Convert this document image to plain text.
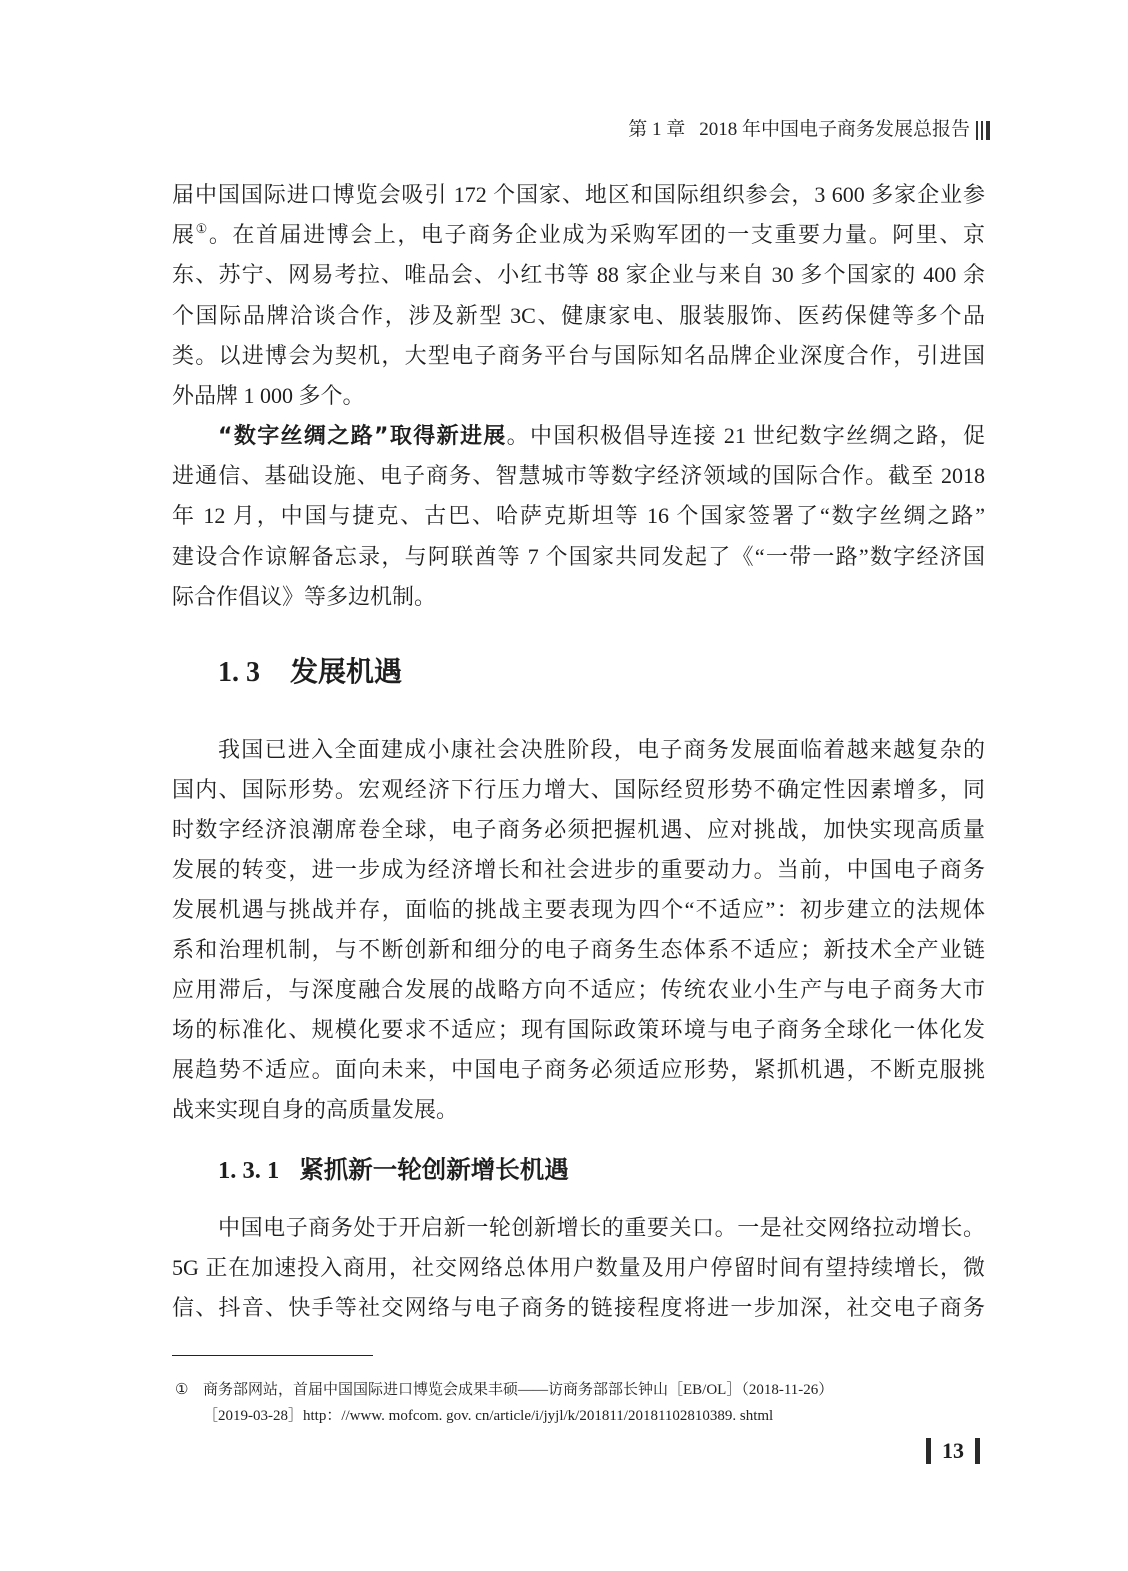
第 1 章 2018 年中国电子商务发展总报告
届中国国际进口博览会吸引 172 个国家、地区和国际组织参会，3 600 多家企业参
展①。在首届进博会上，电子商务企业成为采购军团的一支重要力量。阿里、京
东、苏宁、网易考拉、唯品会、小红书等 88 家企业与来自 30 多个国家的 400 余
个国际品牌洽谈合作，涉及新型 3C、健康家电、服装服饰、医药保健等多个品
类。以进博会为契机，大型电子商务平台与国际知名品牌企业深度合作，引进国
外品牌 1 000 多个。
“数字丝绸之路”取得新进展。中国积极倡导连接 21 世纪数字丝绸之路，促
进通信、基础设施、电子商务、智慧城市等数字经济领域的国际合作。截至 2018
年 12 月，中国与捷克、古巴、哈萨克斯坦等 16 个国家签署了“数字丝绸之路”
建设合作谅解备忘录，与阿联酋等 7 个国家共同发起了《“一带一路”数字经济国
际合作倡议》等多边机制。
1. 3 发展机遇
我国已进入全面建成小康社会决胜阶段，电子商务发展面临着越来越复杂的
国内、国际形势。宏观经济下行压力增大、国际经贸形势不确定性因素增多，同
时数字经济浪潮席卷全球，电子商务必须把握机遇、应对挑战，加快实现高质量
发展的转变，进一步成为经济增长和社会进步的重要动力。当前，中国电子商务
发展机遇与挑战并存，面临的挑战主要表现为四个“不适应”：初步建立的法规体
系和治理机制，与不断创新和细分的电子商务生态体系不适应；新技术全产业链
应用滞后，与深度融合发展的战略方向不适应；传统农业小生产与电子商务大市
场的标准化、规模化要求不适应；现有国际政策环境与电子商务全球化一体化发
展趋势不适应。面向未来，中国电子商务必须适应形势，紧抓机遇，不断克服挑
战来实现自身的高质量发展。
1. 3. 1 紧抓新一轮创新增长机遇
中国电子商务处于开启新一轮创新增长的重要关口。一是社交网络拉动增长。
5G 正在加速投入商用，社交网络总体用户数量及用户停留时间有望持续增长，微
信、抖音、快手等社交网络与电子商务的链接程度将进一步加深，社交电子商务
① 商务部网站，首届中国国际进口博览会成果丰硕——访商务部部长钟山［EB/OL］（2018-11-26）
［2019-03-28］http：//www. mofcom. gov. cn/article/i/jyjl/k/201811/20181102810389. shtml
13
